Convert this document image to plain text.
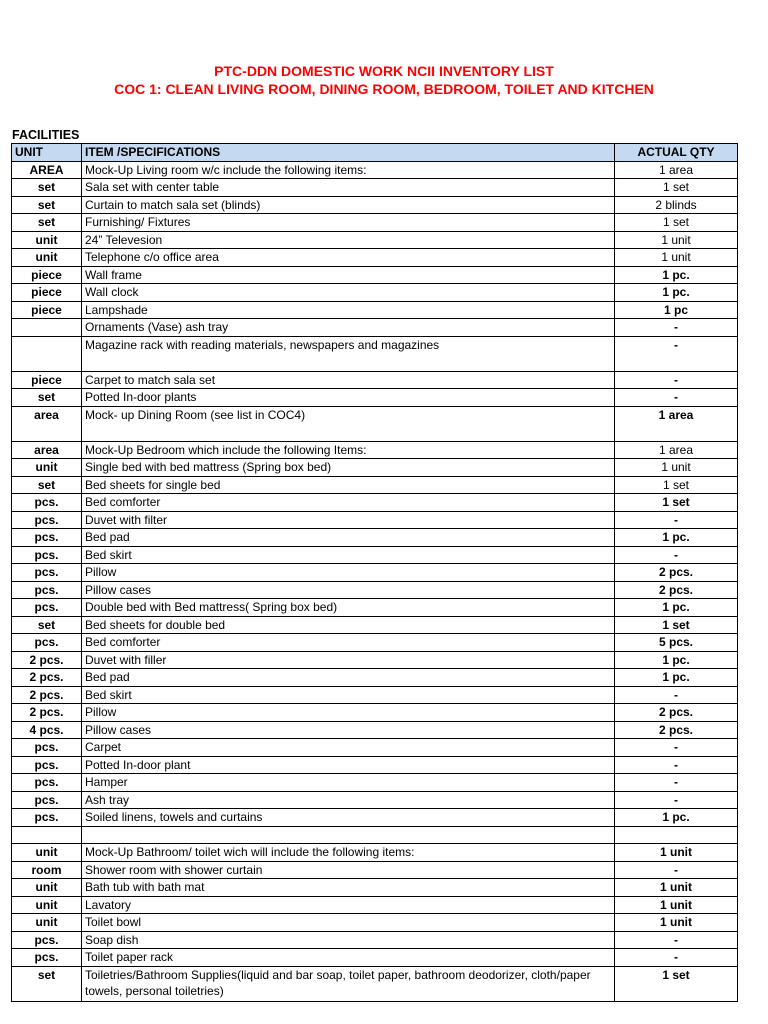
PTC-DDN DOMESTIC WORK NCII INVENTORY LIST
COC 1: CLEAN LIVING ROOM, DINING ROOM, BEDROOM, TOILET AND KITCHEN
FACILITIES
UNIT	ITEM /SPECIFICATIONS	ACTUAL QTY
AREA	Mock-Up Living room w/c include the following items:	1 area
set	Sala set with center table	1 set
set	Curtain to match sala set (blinds)	2 blinds
set	Furnishing/ Fixtures	1 set
unit	24” Televesion	1 unit
unit	Telephone c/o office area	1 unit
piece	Wall frame	1 pc.
piece	Wall clock	1 pc.
piece	Lampshade	1 pc
	Ornaments (Vase) ash tray	-
	Magazine rack with reading materials, newspapers and magazines	-
piece	Carpet to match sala set	-
set	Potted In-door plants	-
area	Mock- up Dining Room (see list in COC4)	1 area
area	Mock-Up Bedroom which include the following Items:	1 area
unit	Single bed with bed mattress (Spring box bed)	1 unit
set	Bed sheets for single bed	1 set
pcs.	Bed comforter	1 set
pcs.	Duvet with filter	-
pcs.	Bed pad	1 pc.
pcs.	Bed skirt	-
pcs.	Pillow	2 pcs.
pcs.	Pillow cases	2 pcs.
pcs.	Double bed with Bed mattress( Spring box bed)	1 pc.
set	Bed sheets for double bed	1 set
pcs.	Bed comforter	5 pcs.
2 pcs.	Duvet with filler	1 pc.
2 pcs.	Bed pad	1 pc.
2 pcs.	Bed skirt	-
2 pcs.	Pillow	2 pcs.
4 pcs.	Pillow cases	2 pcs.
pcs.	Carpet	-
pcs.	Potted In-door plant	-
pcs.	Hamper	-
pcs.	Ash tray	-
pcs.	Soiled linens, towels and curtains	1 pc.

unit	Mock-Up Bathroom/ toilet wich will include the following items:	1 unit
room	Shower room with shower curtain	-
unit	Bath tub with bath mat	1 unit
unit	Lavatory	1 unit
unit	Toilet bowl	1 unit
pcs.	Soap dish	-
pcs.	Toilet paper rack	-
set	Toiletries/Bathroom Supplies(liquid and bar soap, toilet paper, bathroom deodorizer, cloth/paper towels, personal toiletries)	1 set
